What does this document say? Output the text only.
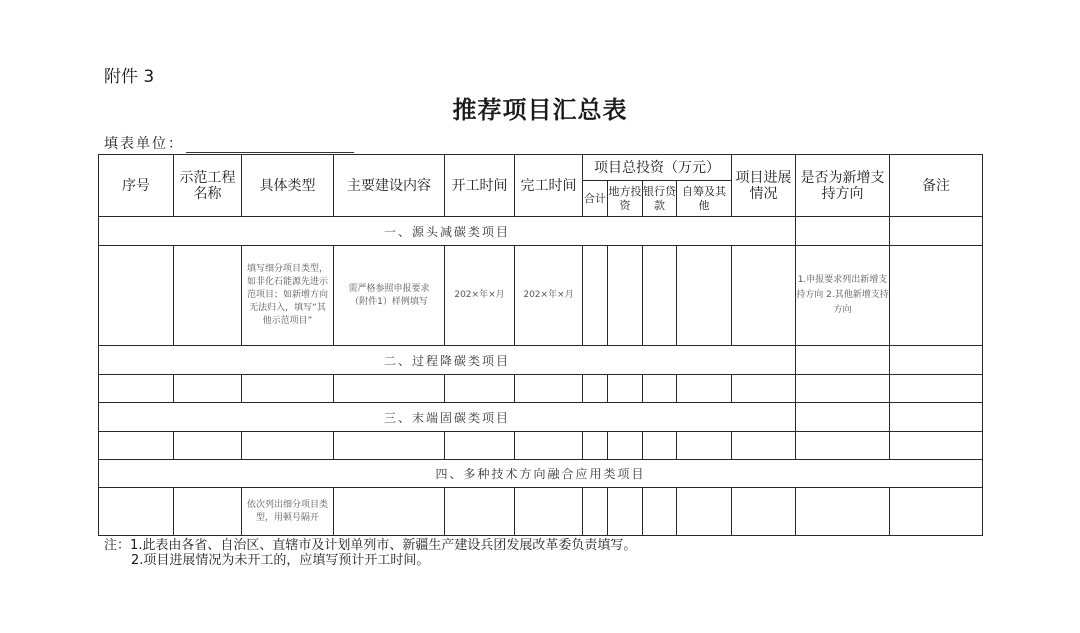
附件 3
推荐项目汇总表
填表单位：
序号	示范工程名称	具体类型	主要建设内容	开工时间	完工时间	项目总投资（万元）				项目进展情况	是否为新增支持方向	备注
						合计	地方投资	银行贷款	自筹及其他			
一、源头减碳类项目												
		填写细分项目类型，如非化石能源先进示范项目；如新增方向无法归入，填写“其他示范项目”	需严格参照申报要求（附件1）样例填写	202×年×月	202×年×月						1.申报要求列出新增支持方向 2.其他新增支持方向	
二、过程降碳类项目												

三、末端固碳类项目												

四、多种技术方向融合应用类项目												
		依次列出细分项目类型，用顿号隔开										
注：1.此表由各省、自治区、直辖市及计划单列市、新疆生产建设兵团发展改革委负责填写。
2.项目进展情况为未开工的，应填写预计开工时间。
